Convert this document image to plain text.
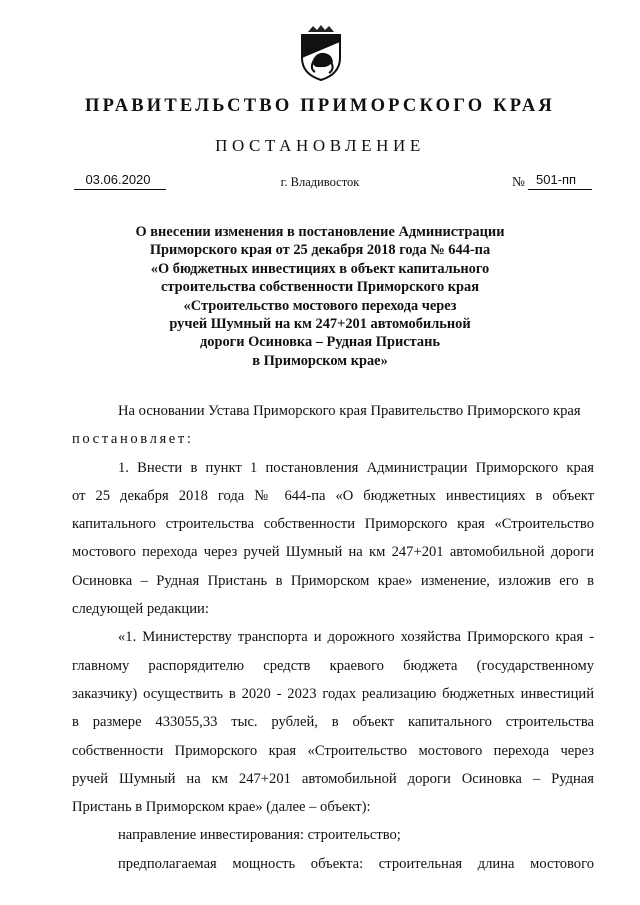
ПРАВИТЕЛЬСТВО ПРИМОРСКОГО КРАЯ
ПОСТАНОВЛЕНИЕ
03.06.2020	г. Владивосток	№ 501-пп
О внесении изменения в постановление Администрации
Приморского края от 25 декабря 2018 года № 644-па
«О бюджетных инвестициях в объект капитального
строительства собственности Приморского края
«Строительство мостового перехода через
ручей Шумный на км 247+201 автомобильной
дороги Осиновка – Рудная Пристань
в Приморском крае»
На основании Устава Приморского края Правительство Приморского края
постановляет:
1. Внести в пункт 1 постановления Администрации Приморского края
от 25 декабря 2018 года № 644-па «О бюджетных инвестициях в объект
капитального строительства собственности Приморского края «Строительство
мостового перехода через ручей Шумный на км 247+201 автомобильной дороги
Осиновка – Рудная Пристань в Приморском крае» изменение, изложив его в
следующей редакции:
«1. Министерству транспорта и дорожного хозяйства Приморского края -
главному распорядителю средств краевого бюджета (государственному
заказчику) осуществить в 2020 - 2023 годах реализацию бюджетных инвестиций
в размере 433055,33 тыс. рублей, в объект капитального строительства
собственности Приморского края «Строительство мостового перехода через
ручей Шумный на км 247+201 автомобильной дороги Осиновка – Рудная
Пристань в Приморском крае» (далее – объект):
направление инвестирования: строительство;
предполагаемая мощность объекта: строительная длина мостового
